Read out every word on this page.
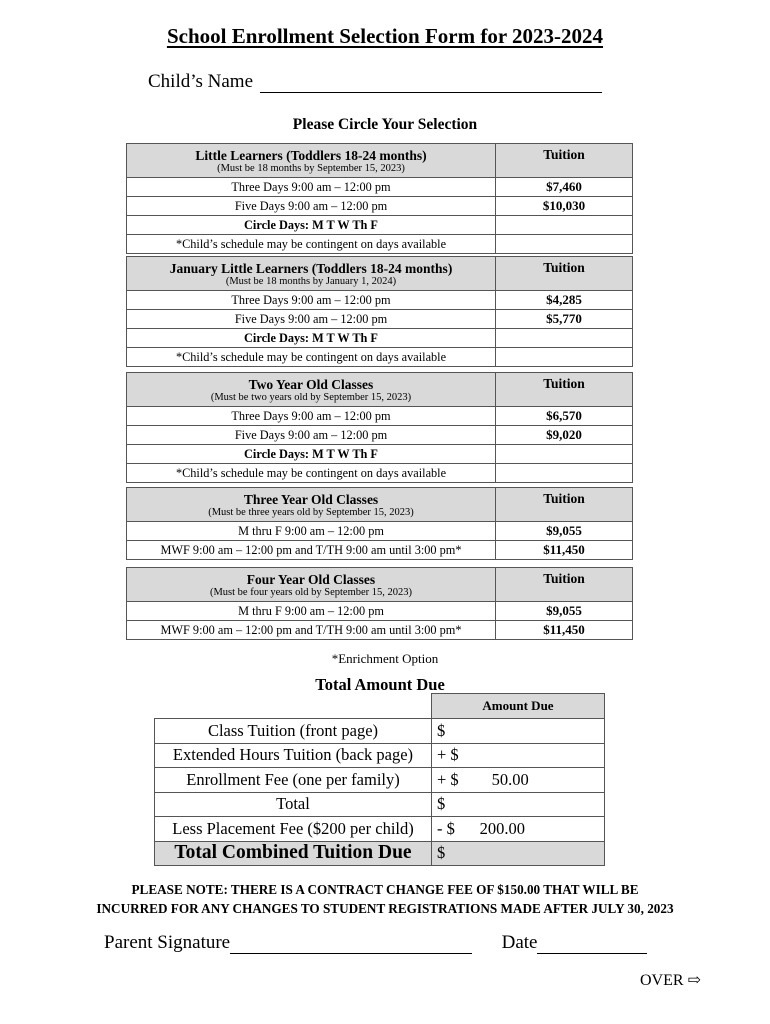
School Enrollment Selection Form for 2023-2024
Child’s Name
Please Circle Your Selection
Little Learners (Toddlers 18-24 months)
(Must be 18 months by September 15, 2023)	Tuition
Three Days 9:00 am – 12:00 pm	$7,460
Five Days 9:00 am – 12:00 pm	$10,030
Circle Days: M T W Th F	
*Child’s schedule may be contingent on days available	
January Little Learners (Toddlers 18-24 months)
(Must be 18 months by January 1, 2024)	Tuition
Three Days 9:00 am – 12:00 pm	$4,285
Five Days 9:00 am – 12:00 pm	$5,770
Circle Days: M T W Th F	
*Child’s schedule may be contingent on days available	
Two Year Old Classes
(Must be two years old by September 15, 2023)	Tuition
Three Days 9:00 am – 12:00 pm	$6,570
Five Days 9:00 am – 12:00 pm	$9,020
Circle Days: M T W Th F	
*Child’s schedule may be contingent on days available	
Three Year Old Classes
(Must be three years old by September 15, 2023)	Tuition
M thru F 9:00 am – 12:00 pm	$9,055
MWF 9:00 am – 12:00 pm and T/TH 9:00 am until 3:00 pm*	$11,450
Four Year Old Classes
(Must be four years old by September 15, 2023)	Tuition
M thru F 9:00 am – 12:00 pm	$9,055
MWF 9:00 am – 12:00 pm and T/TH 9:00 am until 3:00 pm*	$11,450
*Enrichment Option
Total Amount Due
	Amount Due
Class Tuition (front page)	$
Extended Hours Tuition (back page)	+ $
Enrollment Fee (one per family)	+ $        50.00
Total	$
Less Placement Fee ($200 per child)	- $      200.00
Total Combined Tuition Due	$
PLEASE NOTE: THERE IS A CONTRACT CHANGE FEE OF $150.00 THAT WILL BE
INCURRED FOR ANY CHANGES TO STUDENT REGISTRATIONS MADE AFTER JULY 30, 2023
Parent Signature	Date
OVER ⇨
